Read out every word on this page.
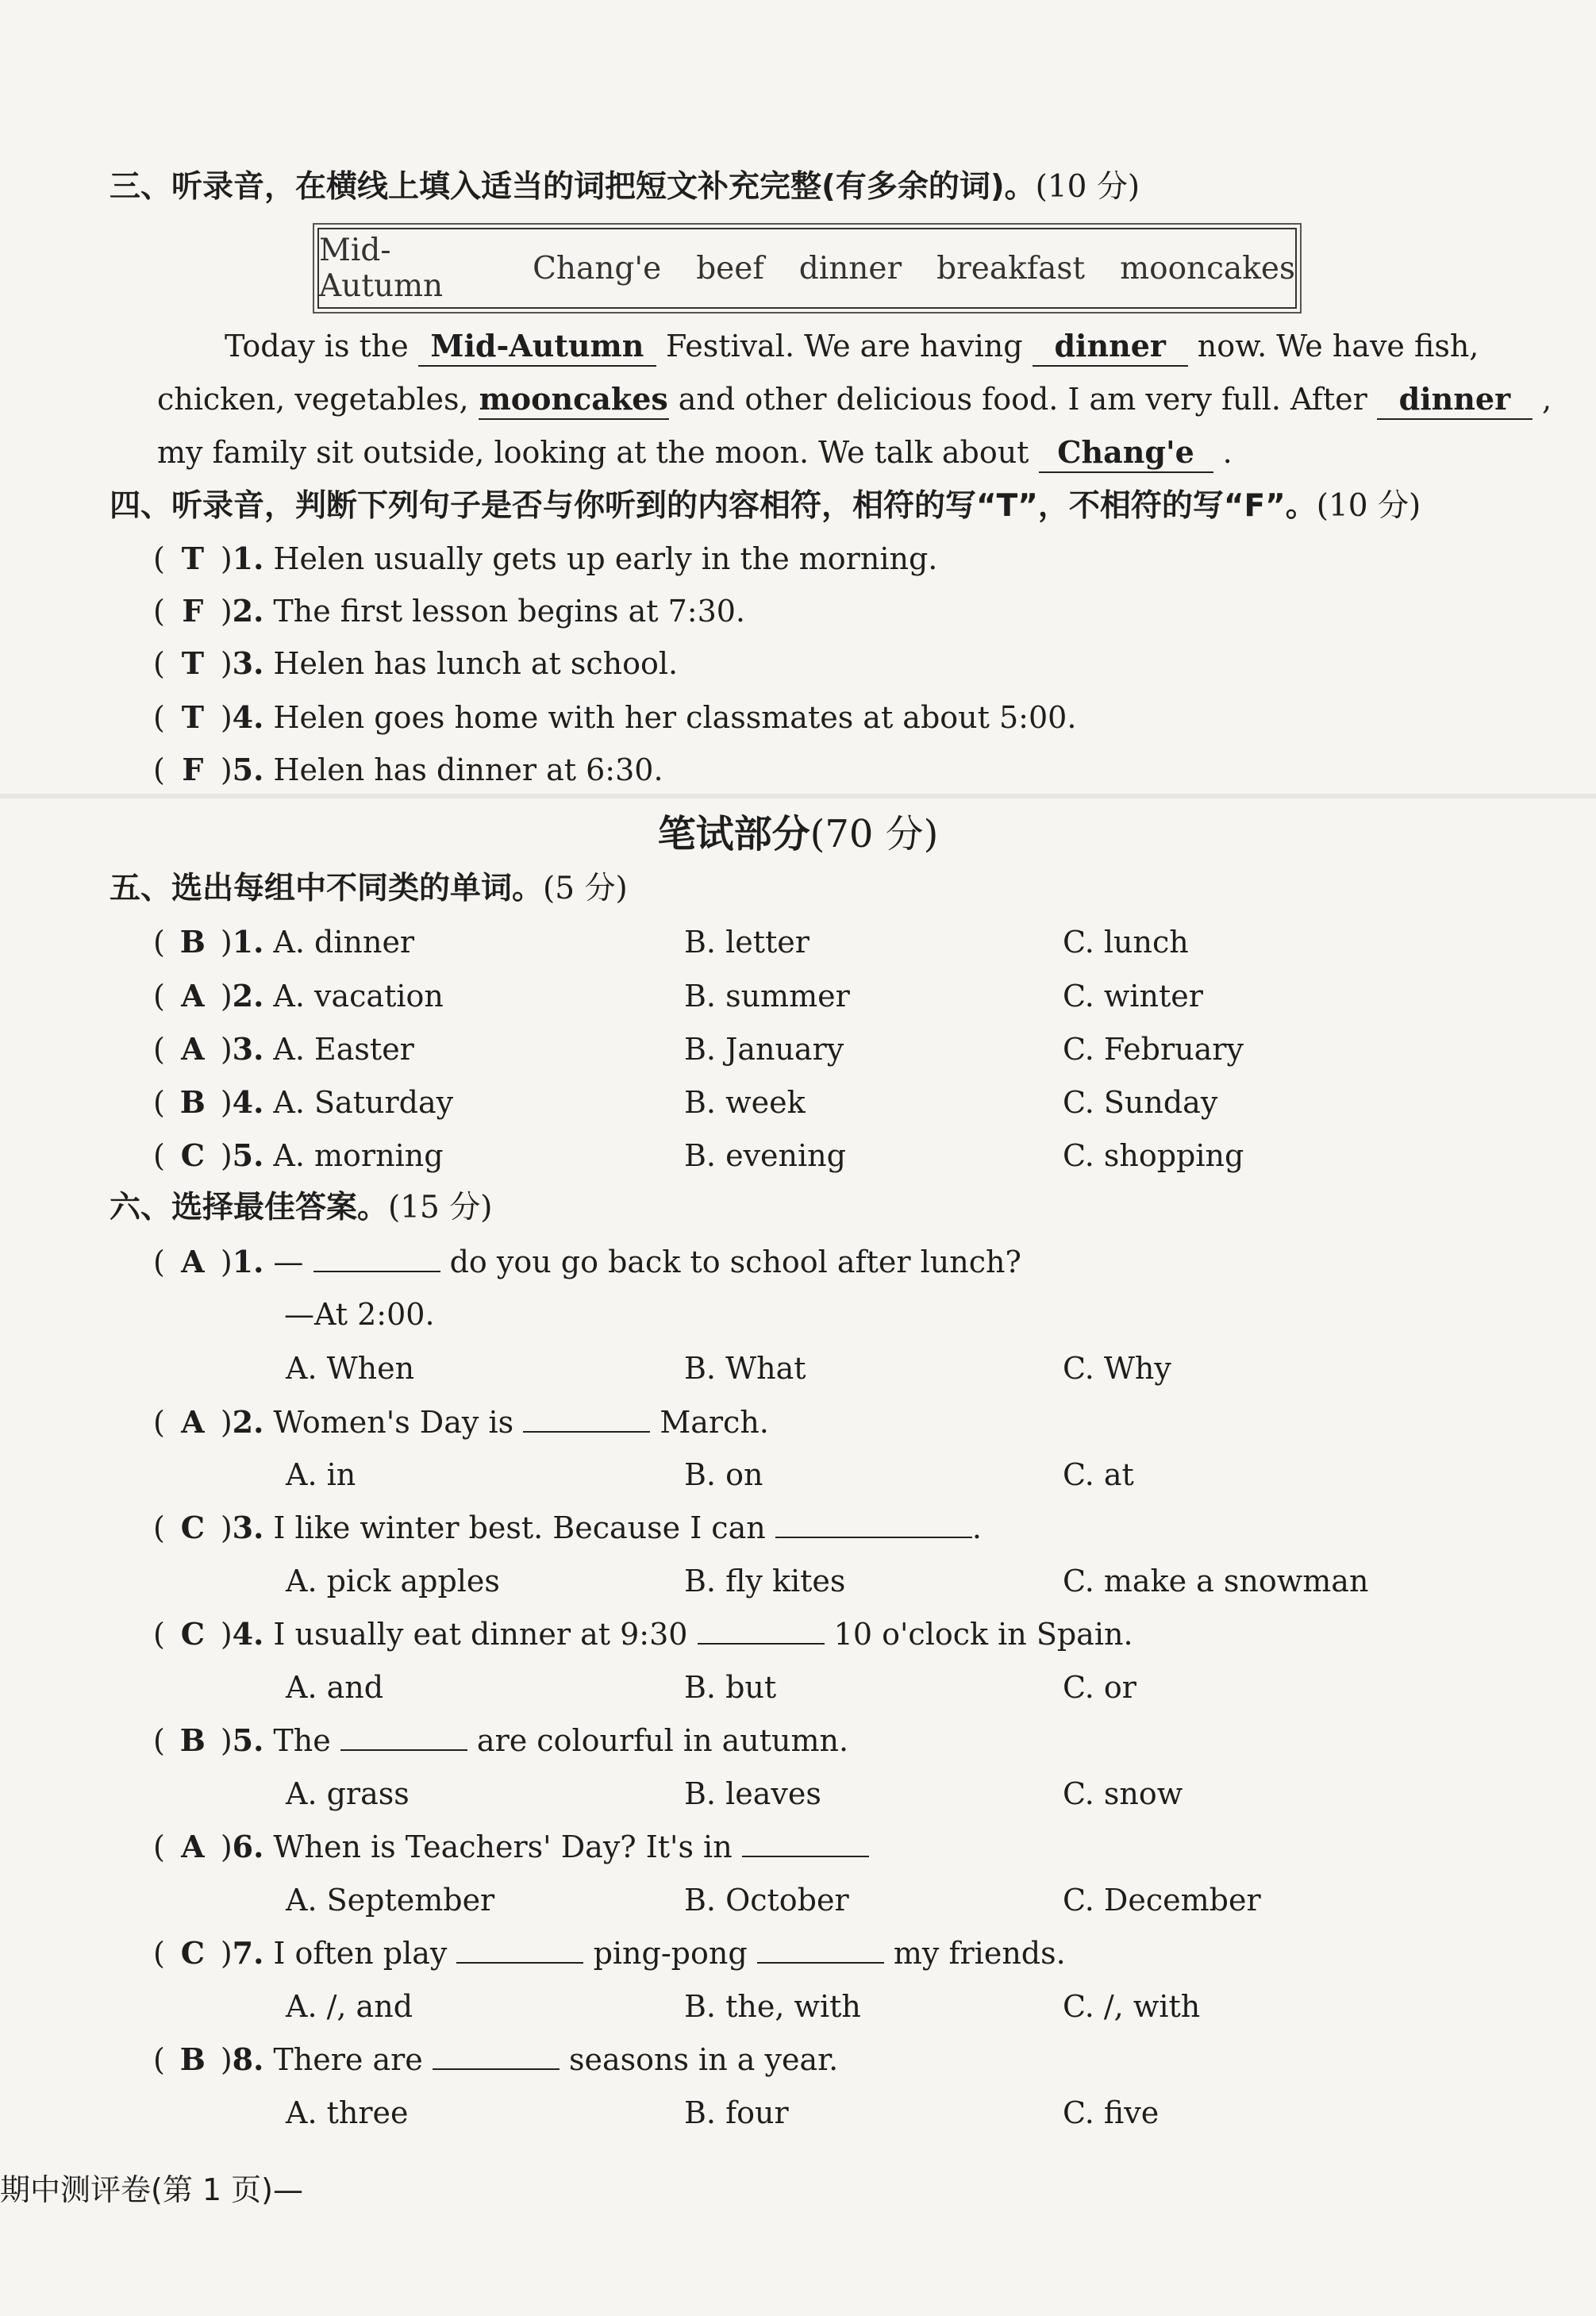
三、听录音，在横线上填入适当的词把短文补充完整(有多余的词)。(10 分)
Mid-Autumn	Chang'e beef dinner breakfast mooncakes
Today is the Mid-Autumn Festival. We are having dinner now. We have fish,
chicken, vegetables, mooncakes and other delicious food. I am very full. After dinner ,
my family sit outside, looking at the moon. We talk about Chang'e .
四、听录音，判断下列句子是否与你听到的内容相符，相符的写“T”，不相符的写“F”。(10 分)
( T )1. Helen usually gets up early in the morning.
( F )2. The first lesson begins at 7:30.
( T )3. Helen has lunch at school.
( T )4. Helen goes home with her classmates at about 5:00.
( F )5. Helen has dinner at 6:30.
笔试部分(70 分)
五、选出每组中不同类的单词。(5 分)
( B )1. A. dinner	B. letter	C. lunch
( A )2. A. vacation	B. summer	C. winter
( A )3. A. Easter	B. January	C. February
( B )4. A. Saturday	B. week	C. Sunday
( C )5. A. morning	B. evening	C. shopping
六、选择最佳答案。(15 分)
( A )1. —	do you go back to school after lunch?
—At 2:00.
A. When	B. What	C. Why
( A )2. Women's Day is	March.
A. in	B. on	C. at
( C )3. I like winter best. Because I can	.
A. pick apples	B. fly kites	C. make a snowman
( C )4. I usually eat dinner at 9:30	10 o'clock in Spain.
A. and	B. but	C. or
( B )5. The	are colourful in autumn.
A. grass	B. leaves	C. snow
( A )6. When is Teachers' Day? It's in
A. September	B. October	C. December
( C )7. I often play	ping-pong	my friends.
A. /, and	B. the, with	C. /, with
( B )8. There are	seasons in a year.
A. three	B. four	C. five
期中测评卷(第 1 页)—
